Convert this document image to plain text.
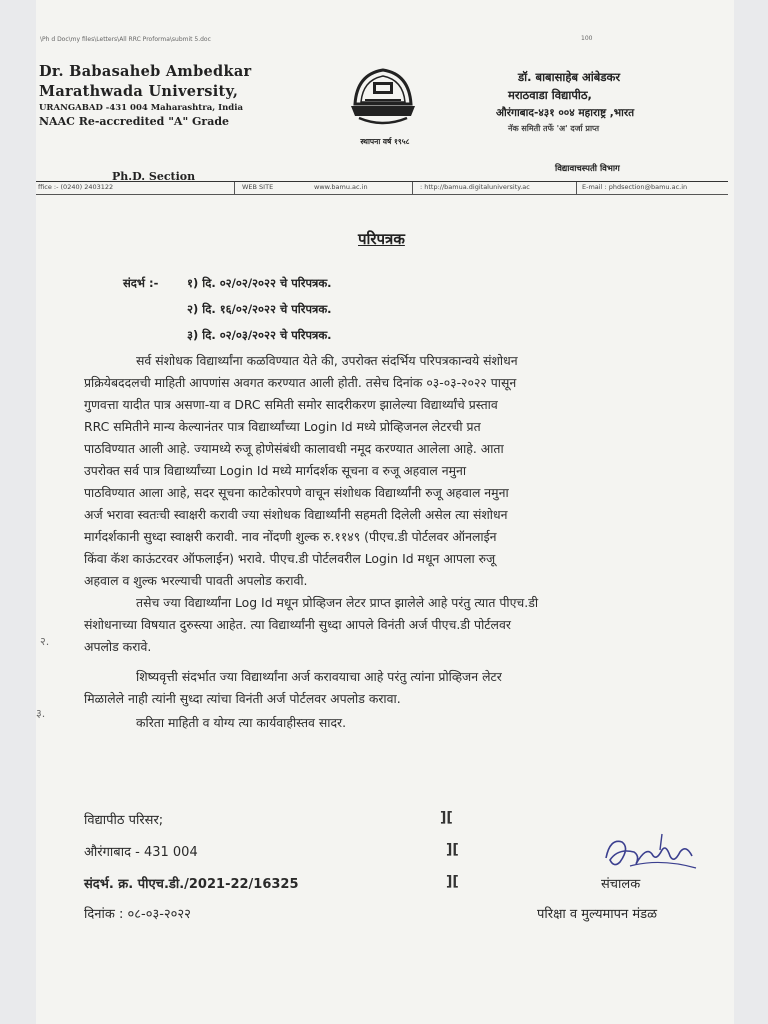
\Ph d Doc\my files\Letters\All RRC Proforma\submit 5.doc	100
Dr. Babasaheb Ambedkar
Marathwada University,
URANGABAD -431 004 Maharashtra, India
NAAC Re-accredited "A" Grade
स्थापना वर्ष १९५८
डॉ. बाबासाहेब आंबेडकर
मराठवाडा विद्यापीठ,
औरंगाबाद-४३१ ००४ महाराष्ट्र ,भारत
नॅक समिती तर्फे 'अ' दर्जा प्राप्त
Ph.D. Section
विद्यावाचस्पती विभाग
ffice :- (0240) 2403122	WEB SITE	www.bamu.ac.in	: http://bamua.digitaluniversity.ac	E-mail : phdsection@bamu.ac.in
परिपत्रक
संदर्भ :- १) दि. ०२/०२/२०२२ चे परिपत्रक.
२) दि. १६/०२/२०२२ चे परिपत्रक.
३) दि. ०२/०३/२०२२ चे परिपत्रक.

सर्व संशोधक विद्यार्थ्यांना कळविण्यात येते की, उपरोक्त संदर्भिय परिपत्रकान्वये संशोधन
प्रक्रियेबददलची माहिती आपणांस अवगत करण्यात आली होती. तसेच दिनांक ०३-०३-२०२२ पासून
गुणवत्ता यादीत पात्र असणा-या व DRC समिती समोर सादरीकरण झालेल्या विद्यार्थ्यांचे प्रस्ताव
RRC समितीने मान्य केल्यानंतर पात्र विद्यार्थ्यांच्या Login Id मध्ये प्रोव्हिजनल लेटरची प्रत
पाठविण्यात आली आहे. ज्यामध्ये रुजू होणेसंबंधी कालावधी नमूद करण्यात आलेला आहे. आता
उपरोक्त सर्व पात्र विद्यार्थ्यांच्या Login Id मध्ये मार्गदर्शक सूचना व रुजू अहवाल नमुना
पाठविण्यात आला आहे, सदर सूचना काटेकोरपणे वाचून संशोधक विद्यार्थ्यांनी रुजू अहवाल नमुना
अर्ज भरावा स्वतःची स्वाक्षरी करावी ज्या संशोधक विद्यार्थ्यांनी सहमती दिलेली असेल त्या संशोधन
मार्गदर्शकानी सुध्दा स्वाक्षरी करावी. नाव नोंदणी शुल्क रु.११४९ (पीएच.डी पोर्टलवर ऑनलाईन
किंवा कॅश काऊंटरवर ऑफलाईन) भरावे. पीएच.डी पोर्टलवरील Login Id मधून आपला रुजू
अहवाल व शुल्क भरल्याची पावती अपलोड करावी.

तसेच ज्या विद्यार्थ्यांना Log Id मधून प्रोव्हिजन लेटर प्राप्त झालेले आहे परंतु त्यात पीएच.डी
संशोधनाच्या विषयात दुरुस्त्या आहेत. त्या विद्यार्थ्यांनी सुध्दा आपले विनंती अर्ज पीएच.डी पोर्टलवर
अपलोड करावे.

शिष्यवृत्ती संदर्भात ज्या विद्यार्थ्यांना अर्ज करावयाचा आहे परंतु त्यांना प्रोव्हिजन लेटर
मिळालेले नाही त्यांनी सुध्दा त्यांचा विनंती अर्ज पोर्टलवर अपलोड करावा.

करिता माहिती व योग्य त्या कार्यवाहीस्तव सादर.
२.
३.
विद्यापीठ परिसर;
औरंगाबाद - 431 004
संदर्भ. क्र. पीएच.डी./2021-22/16325
दिनांक : ०८-०३-२०२२
][
][
][	संचालक
परिक्षा व मुल्यमापन मंडळ
